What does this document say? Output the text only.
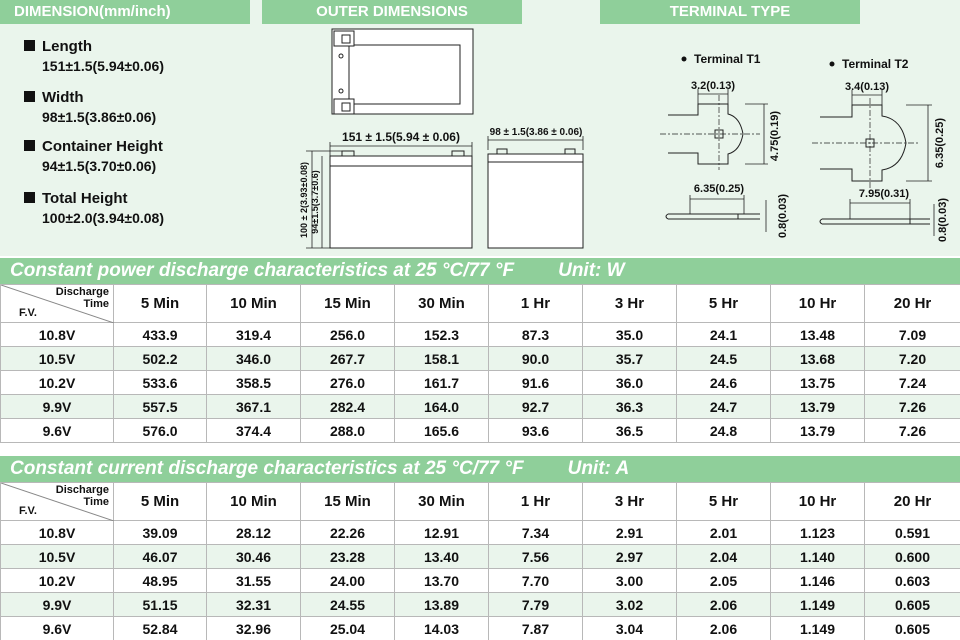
DIMENSION(mm/inch)	OUTER DIMENSIONS	TERMINAL TYPE
Length
151±1.5(5.94±0.06)
Width
98±1.5(3.86±0.06)
Container Height
94±1.5(3.70±0.06)
Total Height
100±2.0(3.94±0.08)
151 ± 1.5(5.94 ± 0.06)	98 ± 1.5(3.86 ± 0.06)
100 ± 2(3.93±0.08) 94±1.5(3.7±0.6)
Terminal T1
3.2(0.13)
4.75(0.19)
6.35(0.25)
0.8(0.03)
Terminal T2
3.4(0.13)
6.35(0.25)
7.95(0.31)
0.8(0.03)
Constant power discharge characteristics at 25 °C/77 °F Unit: W
Discharge
Time
F.V.	5 Min	10 Min	15 Min	30 Min	1 Hr	3 Hr	5 Hr	10 Hr	20 Hr
10.8V	433.9	319.4	256.0	152.3	87.3	35.0	24.1	13.48	7.09
10.5V	502.2	346.0	267.7	158.1	90.0	35.7	24.5	13.68	7.20
10.2V	533.6	358.5	276.0	161.7	91.6	36.0	24.6	13.75	7.24
9.9V	557.5	367.1	282.4	164.0	92.7	36.3	24.7	13.79	7.26
9.6V	576.0	374.4	288.0	165.6	93.6	36.5	24.8	13.79	7.26
Constant current discharge characteristics at 25 °C/77 °F Unit: A
Discharge
Time
F.V.	5 Min	10 Min	15 Min	30 Min	1 Hr	3 Hr	5 Hr	10 Hr	20 Hr
10.8V	39.09	28.12	22.26	12.91	7.34	2.91	2.01	1.123	0.591
10.5V	46.07	30.46	23.28	13.40	7.56	2.97	2.04	1.140	0.600
10.2V	48.95	31.55	24.00	13.70	7.70	3.00	2.05	1.146	0.603
9.9V	51.15	32.31	24.55	13.89	7.79	3.02	2.06	1.149	0.605
9.6V	52.84	32.96	25.04	14.03	7.87	3.04	2.06	1.149	0.605
